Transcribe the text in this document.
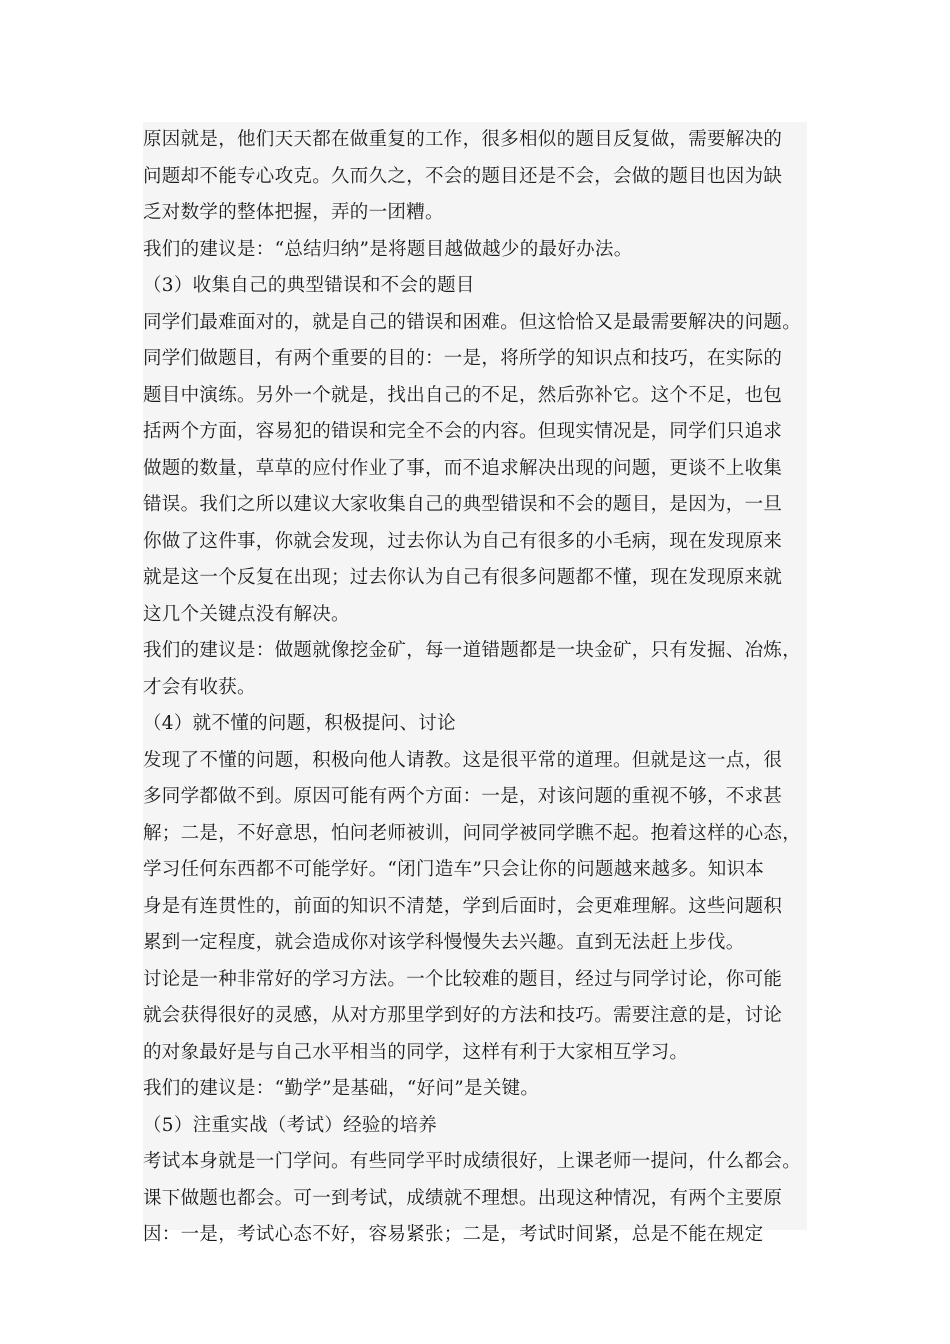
原因就是，他们天天都在做重复的工作，很多相似的题目反复做，需要解决的
问题却不能专心攻克。久而久之，不会的题目还是不会，会做的题目也因为缺
乏对数学的整体把握，弄的一团糟。
我们的建议是：“总结归纳”是将题目越做越少的最好办法。
（3）收集自己的典型错误和不会的题目
同学们最难面对的，就是自己的错误和困难。但这恰恰又是最需要解决的问题。
同学们做题目，有两个重要的目的：一是，将所学的知识点和技巧，在实际的
题目中演练。另外一个就是，找出自己的不足，然后弥补它。这个不足，也包
括两个方面，容易犯的错误和完全不会的内容。但现实情况是，同学们只追求
做题的数量，草草的应付作业了事，而不追求解决出现的问题，更谈不上收集
错误。我们之所以建议大家收集自己的典型错误和不会的题目，是因为，一旦
你做了这件事，你就会发现，过去你认为自己有很多的小毛病，现在发现原来
就是这一个反复在出现；过去你认为自己有很多问题都不懂，现在发现原来就
这几个关键点没有解决。
我们的建议是：做题就像挖金矿，每一道错题都是一块金矿，只有发掘、冶炼，
才会有收获。
（4）就不懂的问题，积极提问、讨论
发现了不懂的问题，积极向他人请教。这是很平常的道理。但就是这一点，很
多同学都做不到。原因可能有两个方面：一是，对该问题的重视不够，不求甚
解；二是，不好意思，怕问老师被训，问同学被同学瞧不起。抱着这样的心态，
学习任何东西都不可能学好。“闭门造车”只会让你的问题越来越多。知识本
身是有连贯性的，前面的知识不清楚，学到后面时，会更难理解。这些问题积
累到一定程度，就会造成你对该学科慢慢失去兴趣。直到无法赶上步伐。
讨论是一种非常好的学习方法。一个比较难的题目，经过与同学讨论，你可能
就会获得很好的灵感，从对方那里学到好的方法和技巧。需要注意的是，讨论
的对象最好是与自己水平相当的同学，这样有利于大家相互学习。
我们的建议是：“勤学”是基础，“好问”是关键。
（5）注重实战（考试）经验的培养
考试本身就是一门学问。有些同学平时成绩很好，上课老师一提问，什么都会。
课下做题也都会。可一到考试，成绩就不理想。出现这种情况，有两个主要原
因：一是，考试心态不好，容易紧张；二是，考试时间紧，总是不能在规定
